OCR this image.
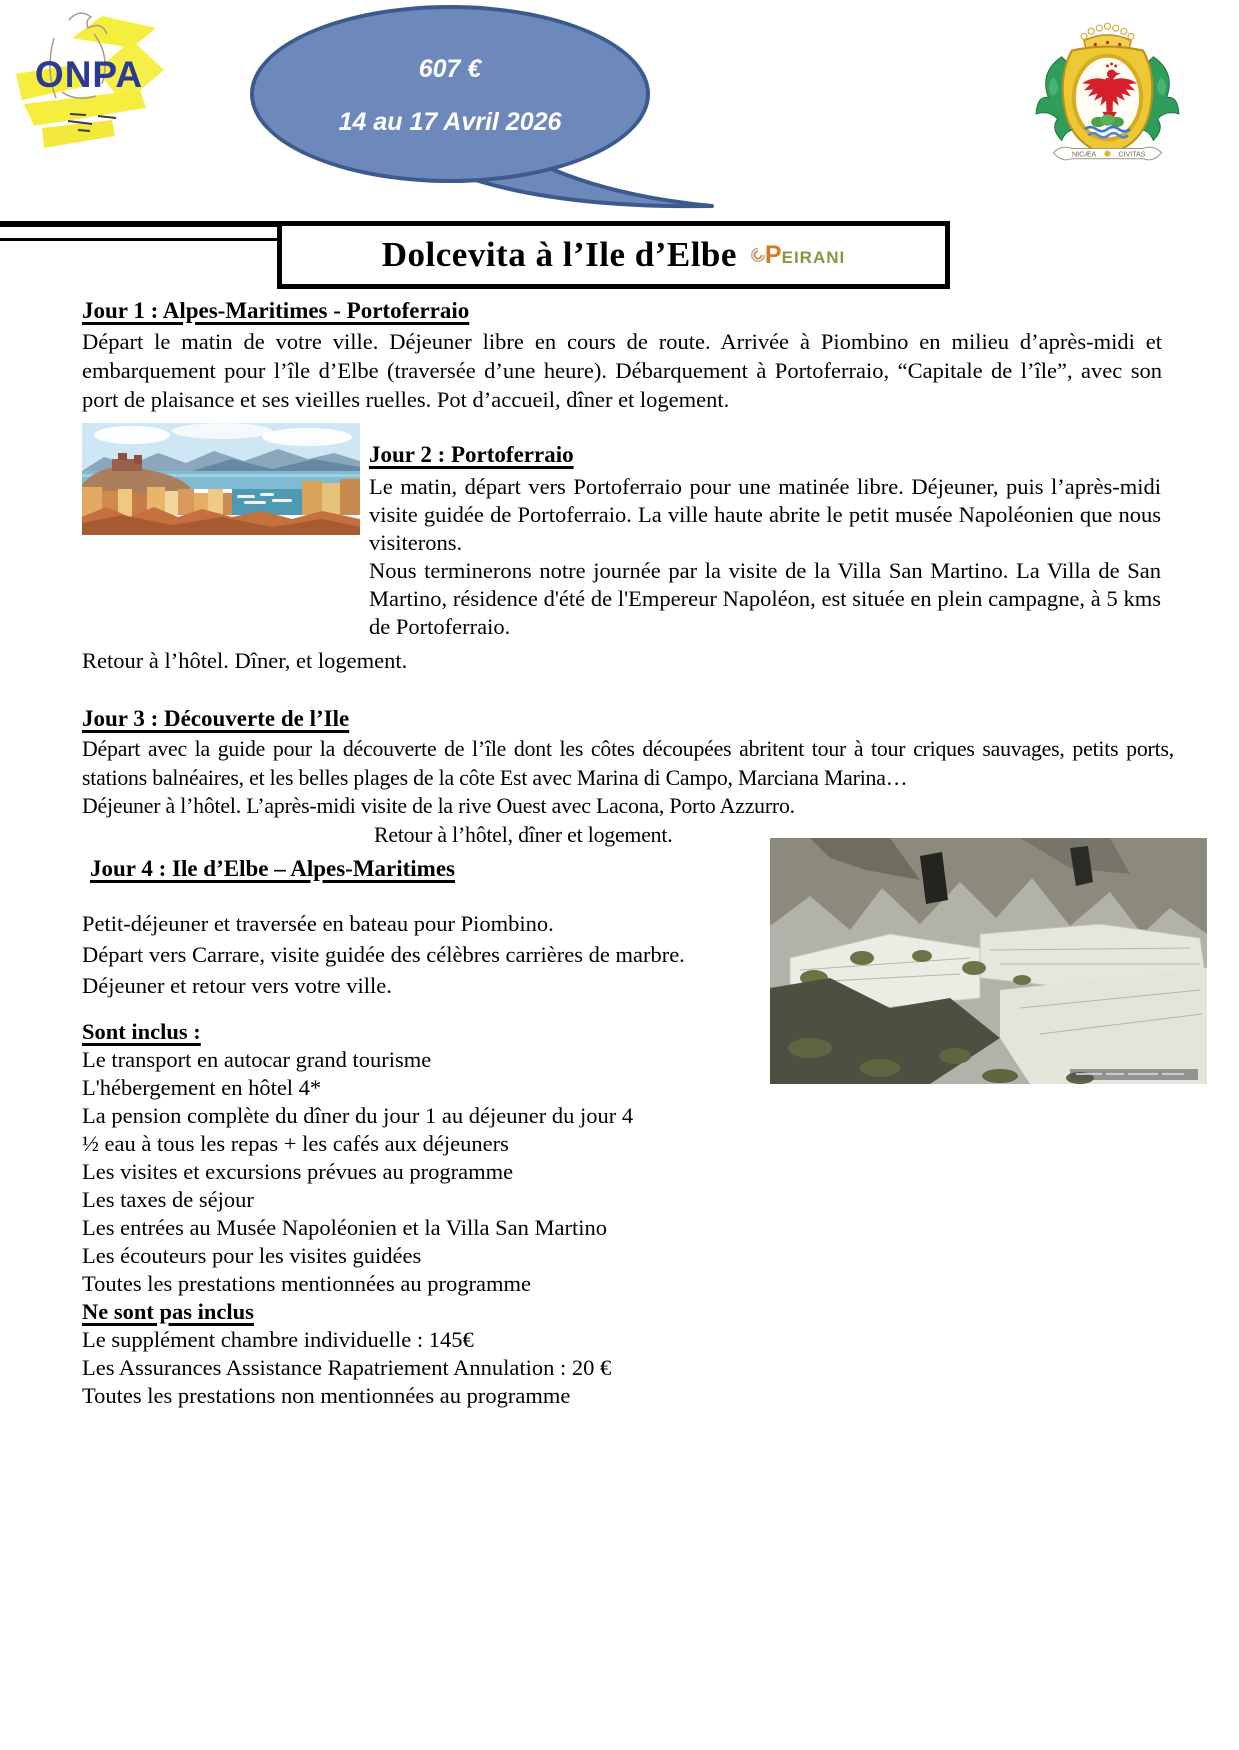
ONPA	607 €
14 au 17 Avril 2026
NICÆA	CIVITAS
Dolcevita à l’Ile d’Elbe P EIRANI
Jour 1 : Alpes-Maritimes - Portoferraio
Départ le matin de votre ville. Déjeuner libre en cours de route. Arrivée à Piombino en milieu d’après-midi et embarquement pour l’île d’Elbe (traversée d’une heure). Débarquement à Portoferraio, “Capitale de l’île”, avec son port de plaisance et ses vieilles ruelles. Pot d’accueil, dîner et logement.
Jour 2 : Portoferraio
Le matin, départ vers Portoferraio pour une matinée libre. Déjeuner, puis l’après-midi visite guidée de Portoferraio. La ville haute abrite le petit musée Napoléonien que nous visiterons.
Nous terminerons notre journée par la visite de la Villa San Martino. La Villa de San Martino, résidence d'été de l'Empereur Napoléon, est située en plein campagne, à 5 kms de Portoferraio.
Retour à l’hôtel. Dîner, et logement.
Jour 3 : Découverte de l’Ile
Départ avec la guide pour la découverte de l’île dont les côtes découpées abritent tour à tour criques sauvages, petits ports, stations balnéaires, et les belles plages de la côte Est avec Marina di Campo, Marciana Marina…
Déjeuner à l’hôtel. L’après-midi visite de la rive Ouest avec Lacona, Porto Azzurro.
Retour à l’hôtel, dîner et logement.
Jour 4 : Ile d’Elbe – Alpes-Maritimes
Petit-déjeuner et traversée en bateau pour Piombino.
Départ vers Carrare, visite guidée des célèbres carrières de marbre.
Déjeuner et retour vers votre ville.
Sont inclus :
Le transport en autocar grand tourisme
L'hébergement en hôtel 4*
La pension complète du dîner du jour 1 au déjeuner du jour 4
½ eau à tous les repas + les cafés aux déjeuners
Les visites et excursions prévues au programme
Les taxes de séjour
Les entrées au Musée Napoléonien et la Villa San Martino
Les écouteurs pour les visites guidées
Toutes les prestations mentionnées au programme
Ne sont pas inclus
Le supplément chambre individuelle : 145€
Les Assurances Assistance Rapatriement Annulation : 20 €
Toutes les prestations non mentionnées au programme
